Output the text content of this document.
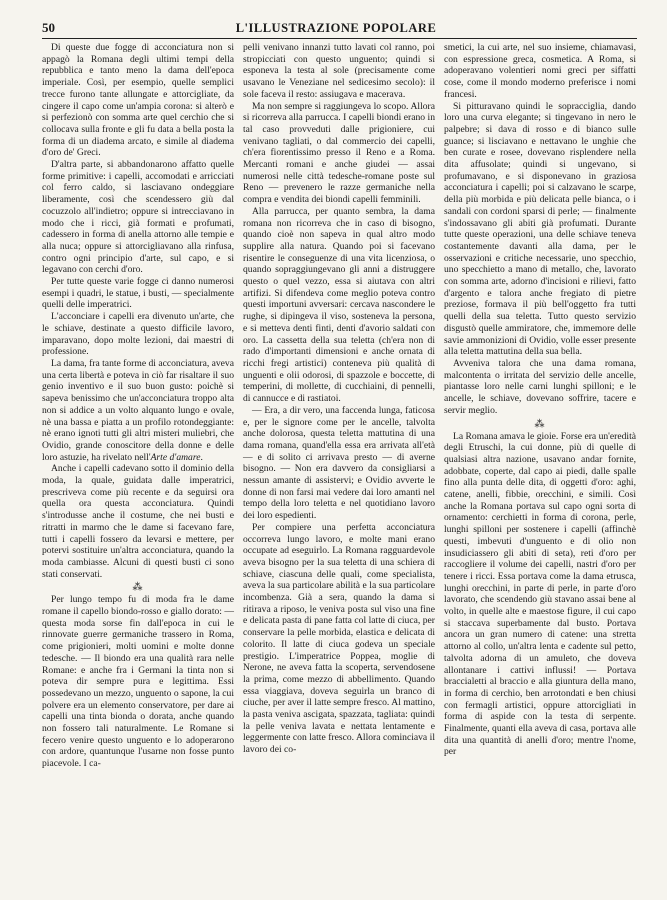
50	L'ILLUSTRAZIONE POPOLARE

Di queste due fogge di acconciatura non si appagò la Romana degli ultimi tempi della repubblica e tanto meno la dama dell'epoca imperiale. Così, per esempio, quelle semplici trecce furono tante allungate e attorcigliate, da cingere il capo come un'ampia corona: si alterò e si perfezionò con somma arte quel cerchio che si collocava sulla fronte e gli fu data a bella posta la forma di un diadema arcato, e simile al diadema d'oro de' Greci.

D'altra parte, si abbandonarono affatto quelle forme primitive: i capelli, accomodati e arricciati col ferro caldo, si lasciavano ondeggiare liberamente, così che scendessero giù dal cocuzzolo all'indietro; oppure si intrecciavano in modo che i ricci, già formati e profumati, cadessero in forma di anella attorno alle tempie e alla nuca; oppure si attorcigliavano alla rinfusa, contro ogni principio d'arte, sul capo, e si legavano con cerchi d'oro.

Per tutte queste varie fogge ci danno numerosi esempi i quadri, le statue, i busti, — specialmente quelli delle imperatrici.

L'acconciare i capelli era divenuto un'arte, che le schiave, destinate a questo difficile lavoro, imparavano, dopo molte lezioni, dai maestri di professione.

La dama, fra tante forme di acconciatura, aveva una certa libertà e poteva in ciò far risaltare il suo genio inventivo e il suo buon gusto: poichè si sapeva benissimo che un'acconciatura troppo alta non si addice a un volto alquanto lungo e ovale, nè una bassa e piatta a un profilo rotondeggiante: nè erano ignoti tutti gli altri misteri muliebri, che Ovidio, grande conoscitore della donne e delle loro astuzie, ha rivelato nell'Arte d'amare.

Anche i capelli cadevano sotto il dominio della moda, la quale, guidata dalle imperatrici, prescriveva come più recente e da seguirsi ora quella ora questa acconciatura. Quindi s'introdusse anche il costume, che nei busti e ritratti in marmo che le dame si facevano fare, tutti i capelli fossero da levarsi e mettere, per potervi sostituire un'altra acconciatura, quando la moda cambiasse. Alcuni di questi busti ci sono stati conservati.

⁂

Per lungo tempo fu di moda fra le dame romane il capello biondo-rosso e giallo dorato: — questa moda sorse fin dall'epoca in cui le rinnovate guerre germaniche trassero in Roma, come prigionieri, molti uomini e molte donne tedesche. — Il biondo era una qualità rara nelle Romane: e anche fra i Germani la tinta non si poteva dir sempre pura e legittima. Essi possedevano un mezzo, unguento o sapone, la cui polvere era un elemento conservatore, per dare ai capelli una tinta bionda o dorata, anche quando non fossero tali naturalmente. Le Romane si fecero venire questo unguento e lo adoperarono con ardore, quantunque l'usarne non fosse punto piacevole. I ca-

pelli venivano innanzi tutto lavati col ranno, poi stropicciati con questo unguento; quindi si esponeva la testa al sole (precisamente come usavano le Veneziane nel sedicesimo secolo): il sole faceva il resto: assiugava e macerava.

Ma non sempre si raggiungeva lo scopo. Allora si ricorreva alla parrucca. I capelli biondi erano in tal caso provveduti dalle prigioniere, cui venivano tagliati, o dal commercio dei capelli, ch'era fiorentissimo presso il Reno e a Roma. Mercanti romani e anche giudei — assai numerosi nelle città tedesche-romane poste sul Reno — prevenero le razze germaniche nella compra e vendita dei biondi capelli femminili.

Alla parrucca, per quanto sembra, la dama romana non ricorreva che in caso di bisogno, quando cioè non sapeva in qual altro modo supplire alla natura. Quando poi si facevano risentire le conseguenze di una vita licenziosa, o quando sopraggiungevano gli anni a distruggere questo o quel vezzo, essa si aiutava con altri artifizi. Si difendeva come meglio poteva contro questi importuni avversari: cercava nascondere le rughe, si dipingeva il viso, sosteneva la persona, e si metteva denti finti, denti d'avorio saldati con oro. La cassetta della sua teletta (ch'era non di rado d'importanti dimensioni e anche ornata di ricchi fregi artistici) conteneva più qualità di unguenti e olii odorosi, di spazzole e boccette, di temperini, di mollette, di cucchiaini, di pennelli, di cannucce e di rastiatoi.

— Era, a dir vero, una faccenda lunga, faticosa e, per le signore come per le ancelle, talvolta anche dolorosa, questa teletta mattutina di una dama romana, quand'ella essa era arrivata all'età — e di solito ci arrivava presto — di averne bisogno. — Non era davvero da consigliarsi a nessun amante di assistervi; e Ovidio avverte le donne di non farsi mai vedere dai loro amanti nel tempo della loro teletta e nel quotidiano lavoro dei loro espedienti.

Per compiere una perfetta acconciatura occorreva lungo lavoro, e molte mani erano occupate ad eseguirlo. La Romana ragguardevole aveva bisogno per la sua teletta di una schiera di schiave, ciascuna delle quali, come specialista, aveva la sua particolare abilità e la sua particolare incombenza. Già a sera, quando la dama si ritirava a riposo, le veniva posta sul viso una fine e delicata pasta di pane fatta col latte di ciuca, per conservare la pelle morbida, elastica e delicata di colorito. Il latte di ciuca godeva un speciale prestigio. L'imperatrice Poppea, moglie di Nerone, ne aveva fatta la scoperta, servendosene la prima, come mezzo di abbellimento. Quando essa viaggiava, doveva seguirla un branco di ciuche, per aver il latte sempre fresco. Al mattino, la pasta veniva ascigata, spazzata, tagliata: quindi la pelle veniva lavata e nettata lentamente e leggermente con latte fresco. Allora cominciava il lavoro dei co-

smetici, la cui arte, nel suo insieme, chiamavasi, con espressione greca, cosmetica. A Roma, si adoperavano volentieri nomi greci per siffatti cose, come il mondo moderno preferisce i nomi francesi.

Si pitturavano quindi le sopracciglia, dando loro una curva elegante; si tingevano in nero le palpebre; si dava di rosso e di bianco sulle guance; si lisciavano e nettavano le unghie che ben curate e rosee, dovevano risplendere nella dita affusolate; quindi si ungevano, si profumavano, e si disponevano in graziosa acconciatura i capelli; poi si calzavano le scarpe, della più morbida e più delicata pelle bianca, o i sandali con cordoni sparsi di perle; — finalmente s'indossavano gli abiti già profumati. Durante tutte queste operazioni, una delle schiave teneva costantemente davanti alla dama, per le osservazioni e critiche necessarie, uno specchio, uno specchietto a mano di metallo, che, lavorato con somma arte, adorno d'incisioni e rilievi, fatto d'argento e talora anche fregiato di pietre preziose, formava il più bell'oggetto fra tutti quelli della sua teletta. Tutto questo servizio disgustò quelle ammiratore, che, immemore delle savie ammonizioni di Ovidio, volle esser presente alla teletta mattutina della sua bella.

Avveniva talora che una dama romana, malcontenta o irritata del servizio delle ancelle, piantasse loro nelle carni lunghi spilloni; e le ancelle, le schiave, dovevano soffrire, tacere e servir meglio.

⁂

La Romana amava le gioie. Forse era un'eredità degli Etruschi, la cui donne, più di quelle di qualsiasi altra nazione, usavano andar fornite, adobbate, coperte, dal capo ai piedi, dalle spalle fino alla punta delle dita, di oggetti d'oro: aghi, catene, anelli, fibbie, orecchini, e simili. Così anche la Romana portava sul capo ogni sorta di ornamento: cerchietti in forma di corona, perle, lunghi spilloni per sostenere i capelli (affinchè questi, imbevuti d'unguento e di olio non insudiciassero gli abiti di seta), reti d'oro per raccogliere il volume dei capelli, nastri d'oro per tenere i ricci. Essa portava come la dama etrusca, lunghi orecchini, in parte di perle, in parte d'oro lavorato, che scendendo giù stavano assai bene al volto, in quelle alte e maestose figure, il cui capo si staccava superbamente dal busto. Portava ancora un gran numero di catene: una stretta attorno al collo, un'altra lenta e cadente sul petto, talvolta adorna di un amuleto, che doveva allontanare i cattivi influssi! — Portava braccialetti al braccio e alla giuntura della mano, in forma di cerchio, ben arrotondati e ben chiusi con fermagli artistici, oppure attorcigliati in forma di aspide con la testa di serpente. Finalmente, quanti ella aveva di casa, portava alle dita una quantità di anelli d'oro; mentre l'nome, per
